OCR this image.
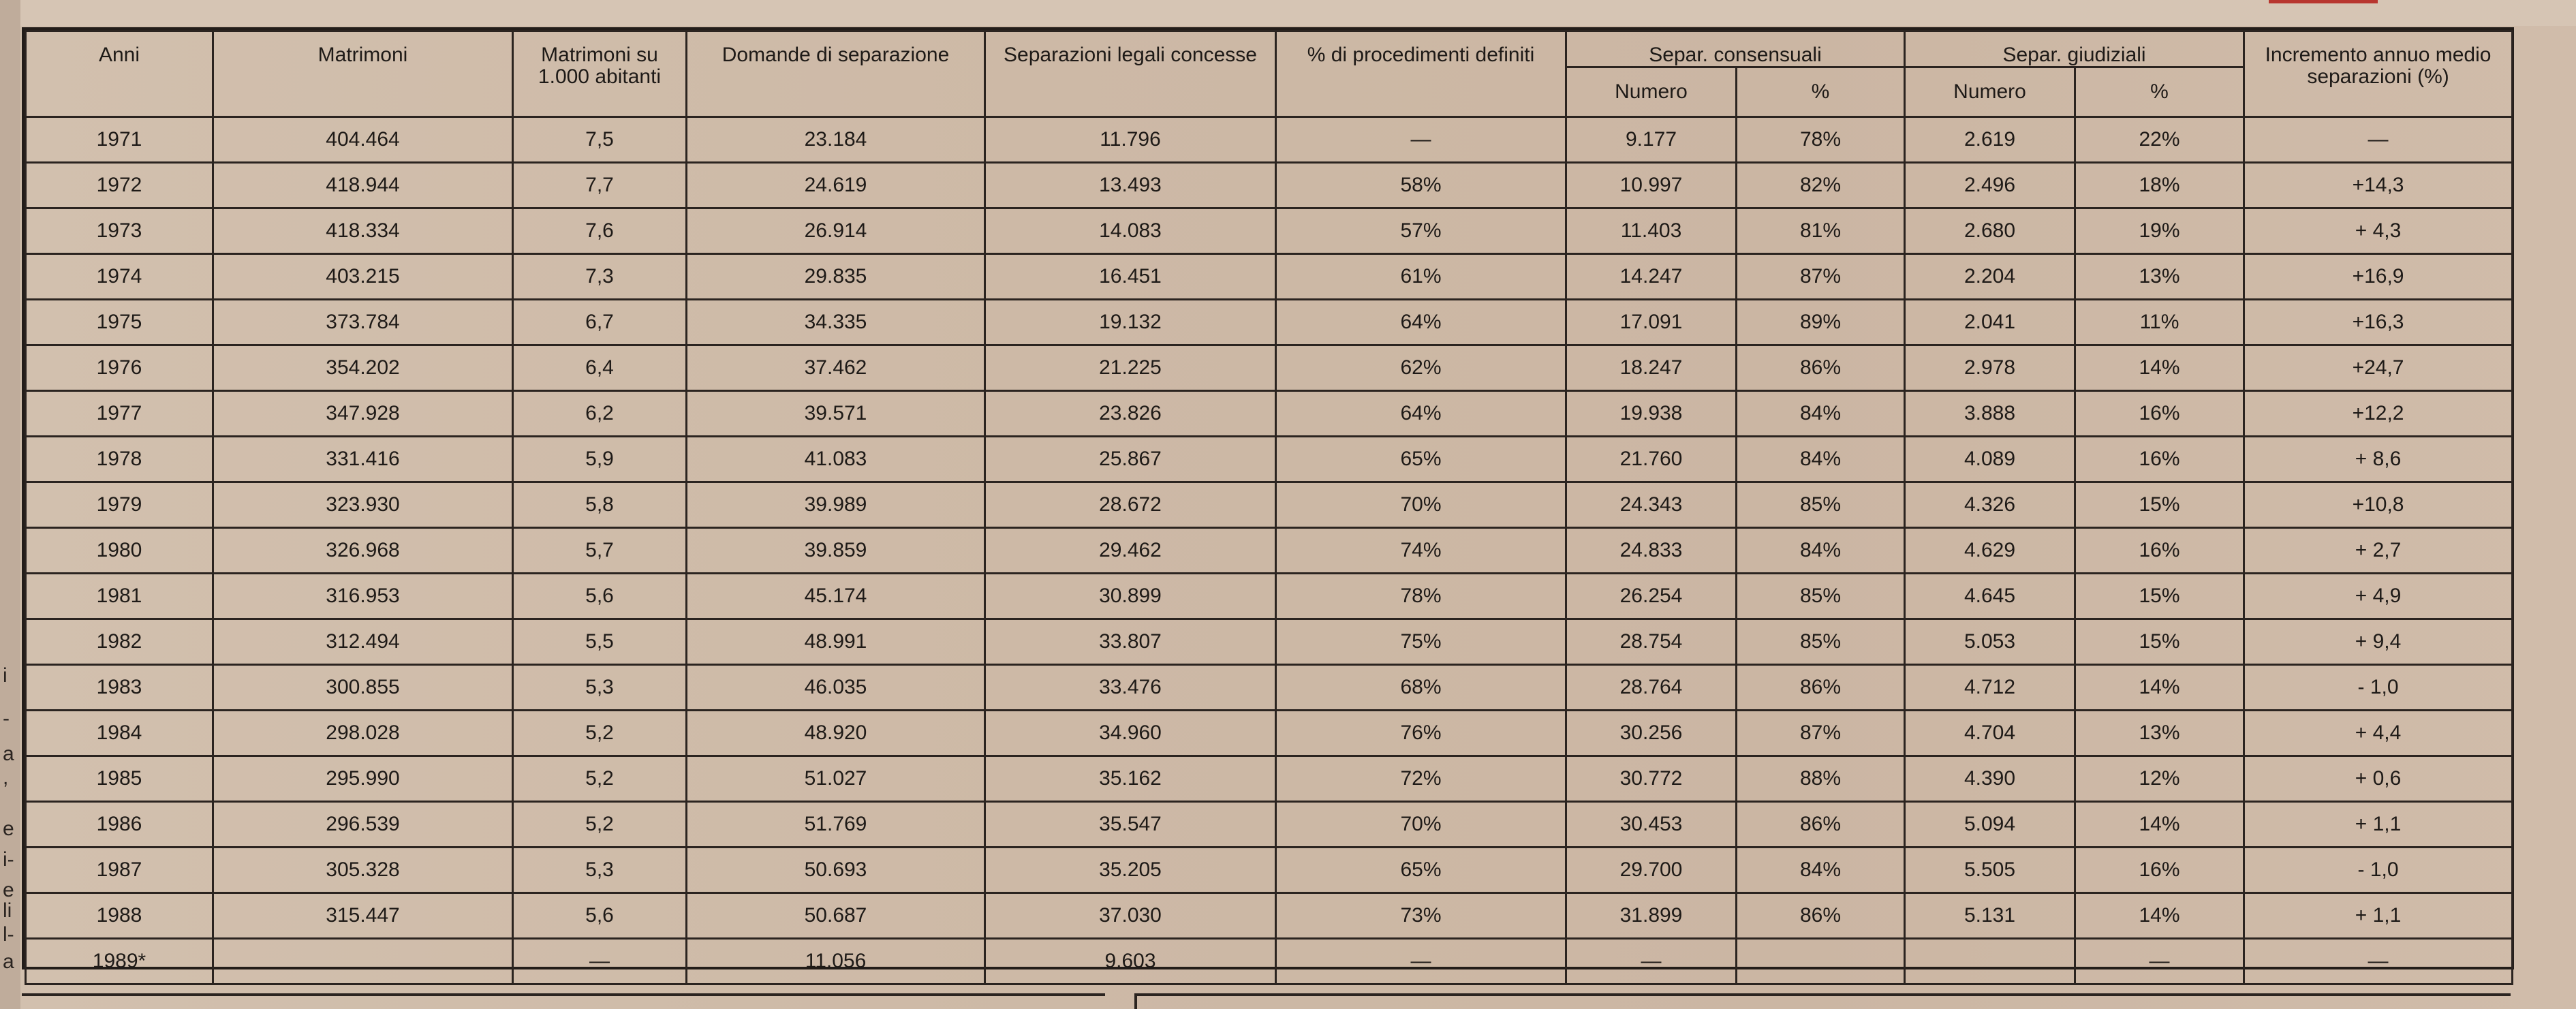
i
-
a
,
e
i-
e
li
l-
a
Anni	Matrimoni	Matrimoni su 1.000 abitanti	Domande di separazione	Separazioni legali concesse	% di procedimenti definiti	Separ. consensuali		Separ. giudiziali		Incremento annuo medio separazioni (%)
						Numero	%	Numero	%	
1971	404.464	7,5	23.184	11.796	—	9.177	78%	2.619	22%	—
1972	418.944	7,7	24.619	13.493	58%	10.997	82%	2.496	18%	+14,3
1973	418.334	7,6	26.914	14.083	57%	11.403	81%	2.680	19%	+ 4,3
1974	403.215	7,3	29.835	16.451	61%	14.247	87%	2.204	13%	+16,9
1975	373.784	6,7	34.335	19.132	64%	17.091	89%	2.041	11%	+16,3
1976	354.202	6,4	37.462	21.225	62%	18.247	86%	2.978	14%	+24,7
1977	347.928	6,2	39.571	23.826	64%	19.938	84%	3.888	16%	+12,2
1978	331.416	5,9	41.083	25.867	65%	21.760	84%	4.089	16%	+ 8,6
1979	323.930	5,8	39.989	28.672	70%	24.343	85%	4.326	15%	+10,8
1980	326.968	5,7	39.859	29.462	74%	24.833	84%	4.629	16%	+ 2,7
1981	316.953	5,6	45.174	30.899	78%	26.254	85%	4.645	15%	+ 4,9
1982	312.494	5,5	48.991	33.807	75%	28.754	85%	5.053	15%	+ 9,4
1983	300.855	5,3	46.035	33.476	68%	28.764	86%	4.712	14%	- 1,0
1984	298.028	5,2	48.920	34.960	76%	30.256	87%	4.704	13%	+ 4,4
1985	295.990	5,2	51.027	35.162	72%	30.772	88%	4.390	12%	+ 0,6
1986	296.539	5,2	51.769	35.547	70%	30.453	86%	5.094	14%	+ 1,1
1987	305.328	5,3	50.693	35.205	65%	29.700	84%	5.505	16%	- 1,0
1988	315.447	5,6	50.687	37.030	73%	31.899	86%	5.131	14%	+ 1,1
1989*		—	11.056	9.603	—	—			—	—
